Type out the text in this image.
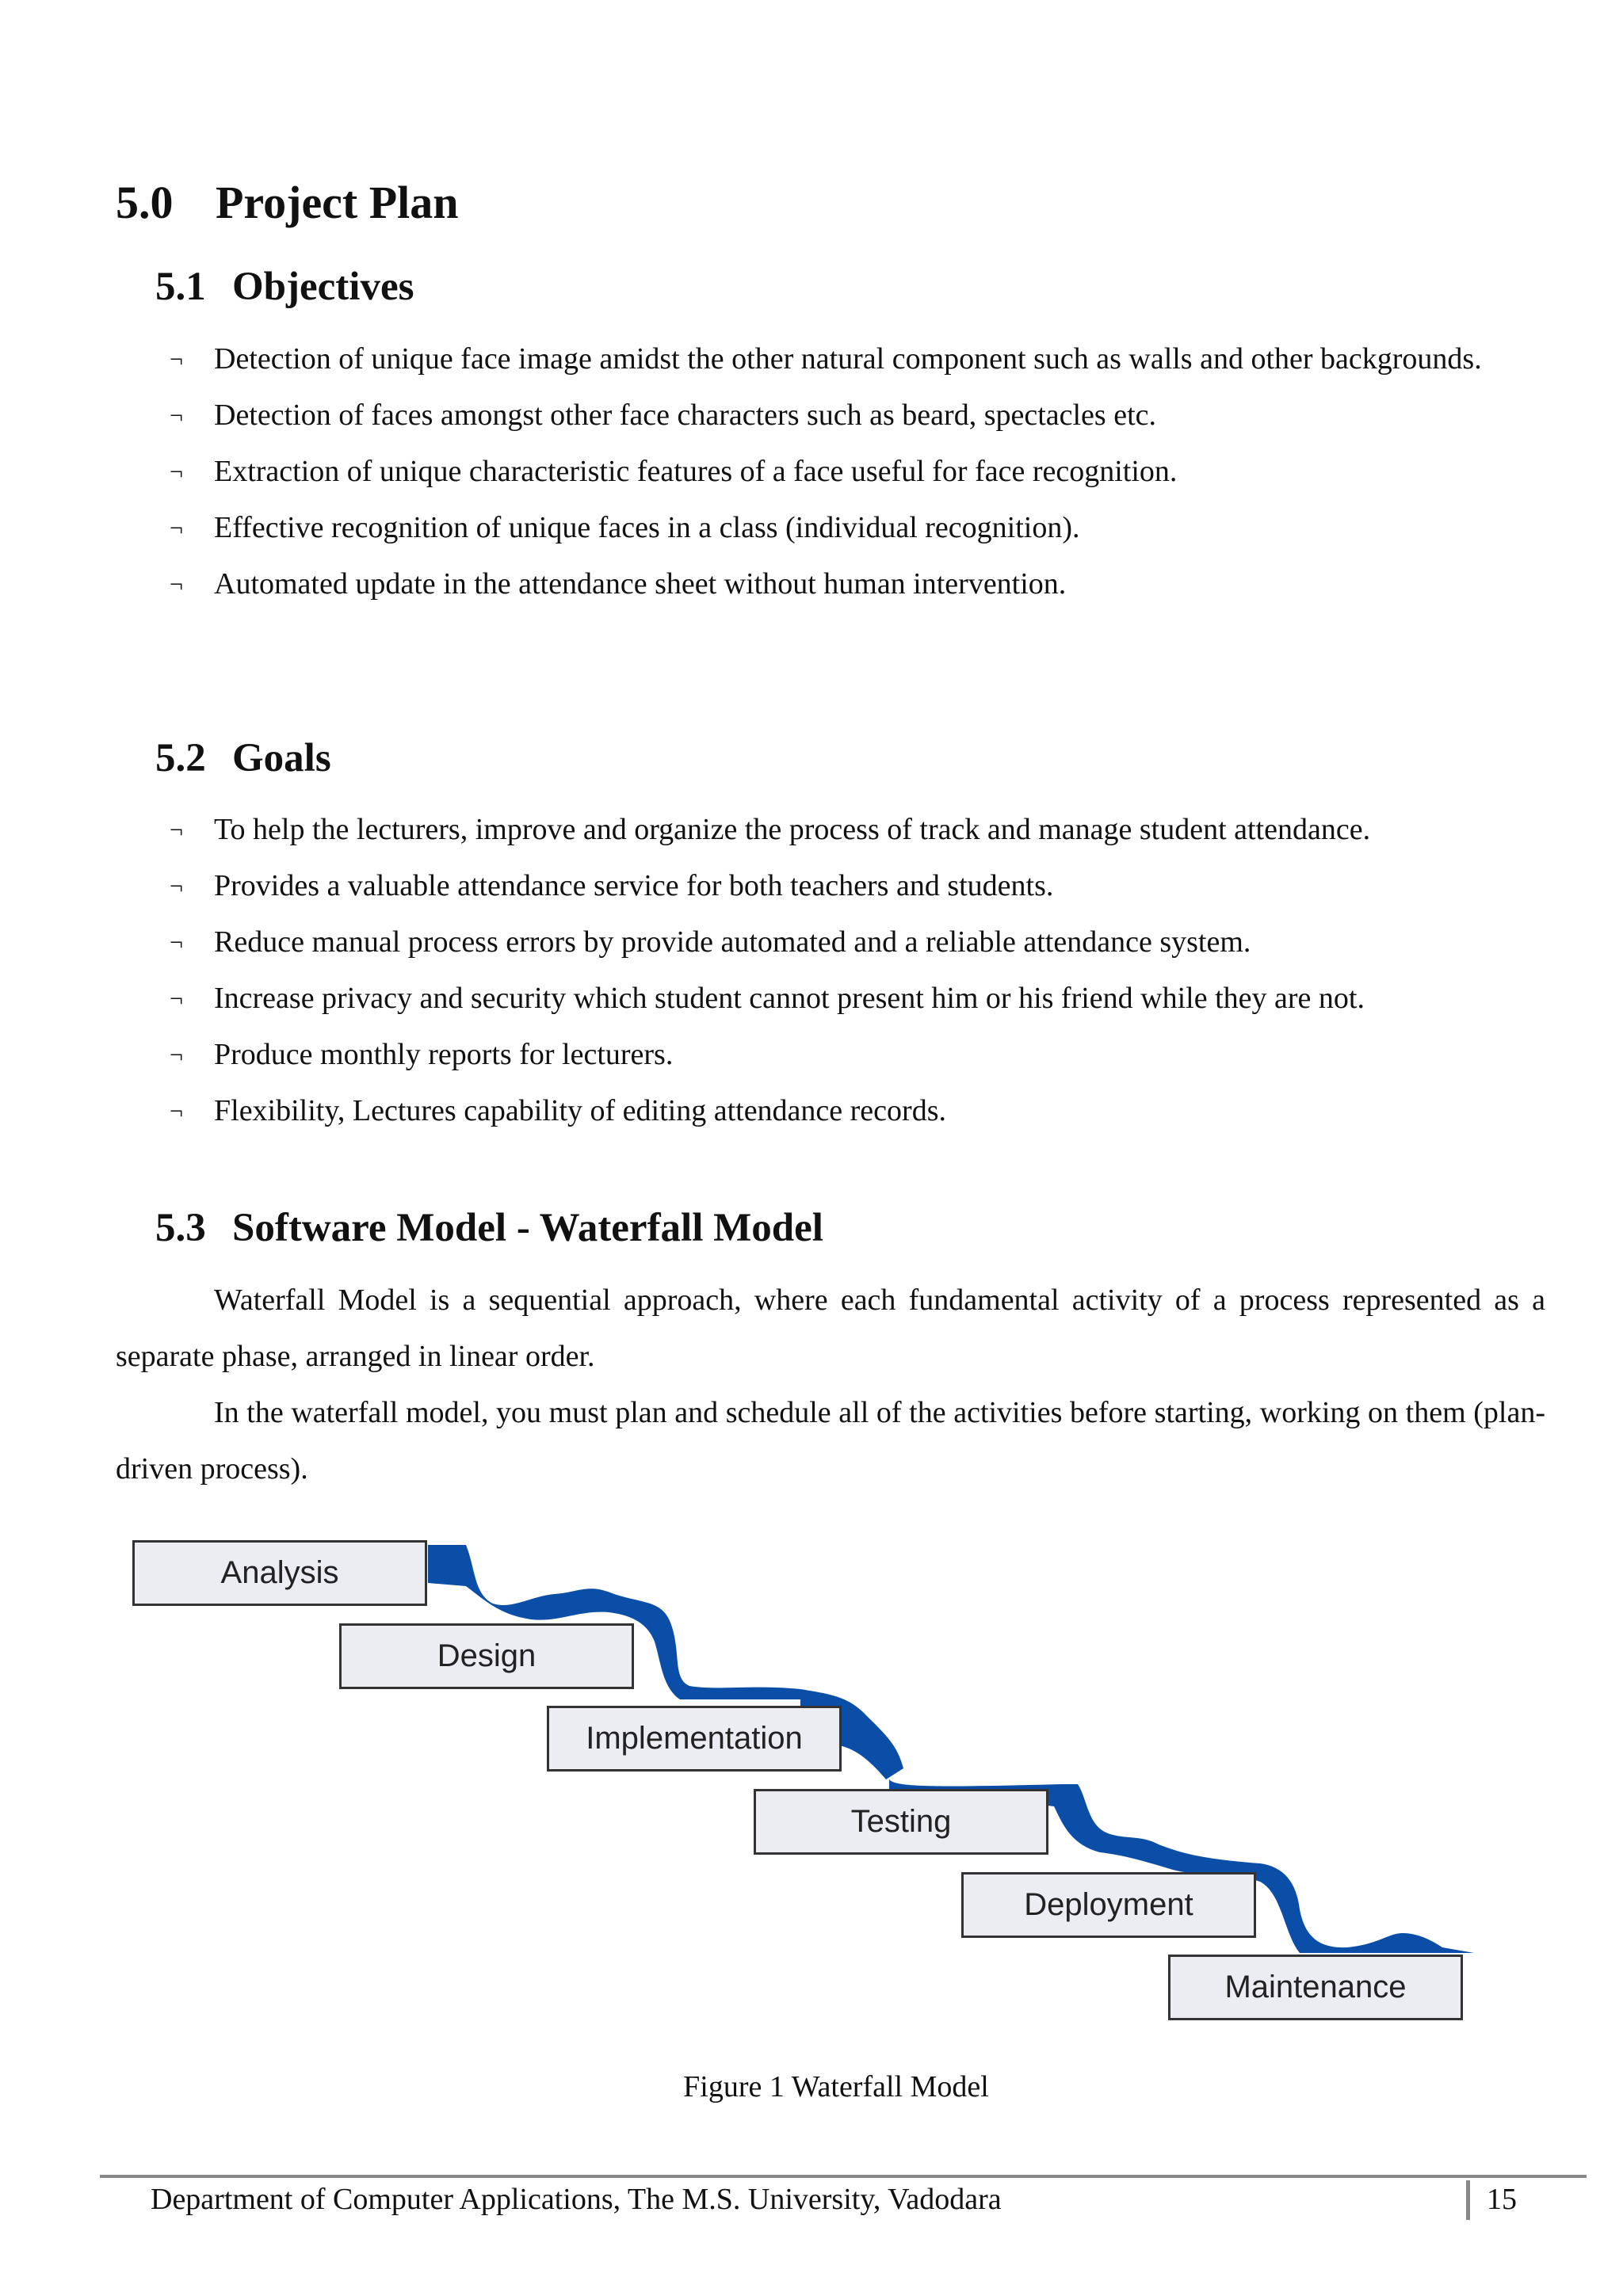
5.0 Project Plan
5.1 Objectives
¬ Detection of unique face image amidst the other natural component such as walls and other backgrounds.
¬ Detection of faces amongst other face characters such as beard, spectacles etc.
¬ Extraction of unique characteristic features of a face useful for face recognition.
¬ Effective recognition of unique faces in a class (individual recognition).
¬ Automated update in the attendance sheet without human intervention.
5.2 Goals
¬ To help the lecturers, improve and organize the process of track and manage student attendance.
¬ Provides a valuable attendance service for both teachers and students.
¬ Reduce manual process errors by provide automated and a reliable attendance system.
¬ Increase privacy and security which student cannot present him or his friend while they are not.
¬ Produce monthly reports for lecturers.
¬ Flexibility, Lectures capability of editing attendance records.
5.3 Software Model - Waterfall Model

Waterfall Model is a sequential approach, where each fundamental activity of a process represented as a separate phase, arranged in linear order.

In the waterfall model, you must plan and schedule all of the activities before starting, working on them (plan-driven process).

Analysis
Design
Implementation
Testing
Deployment
Maintenance
Figure 1 Waterfall Model
Department of Computer Applications, The M.S. University, Vadodara	15
